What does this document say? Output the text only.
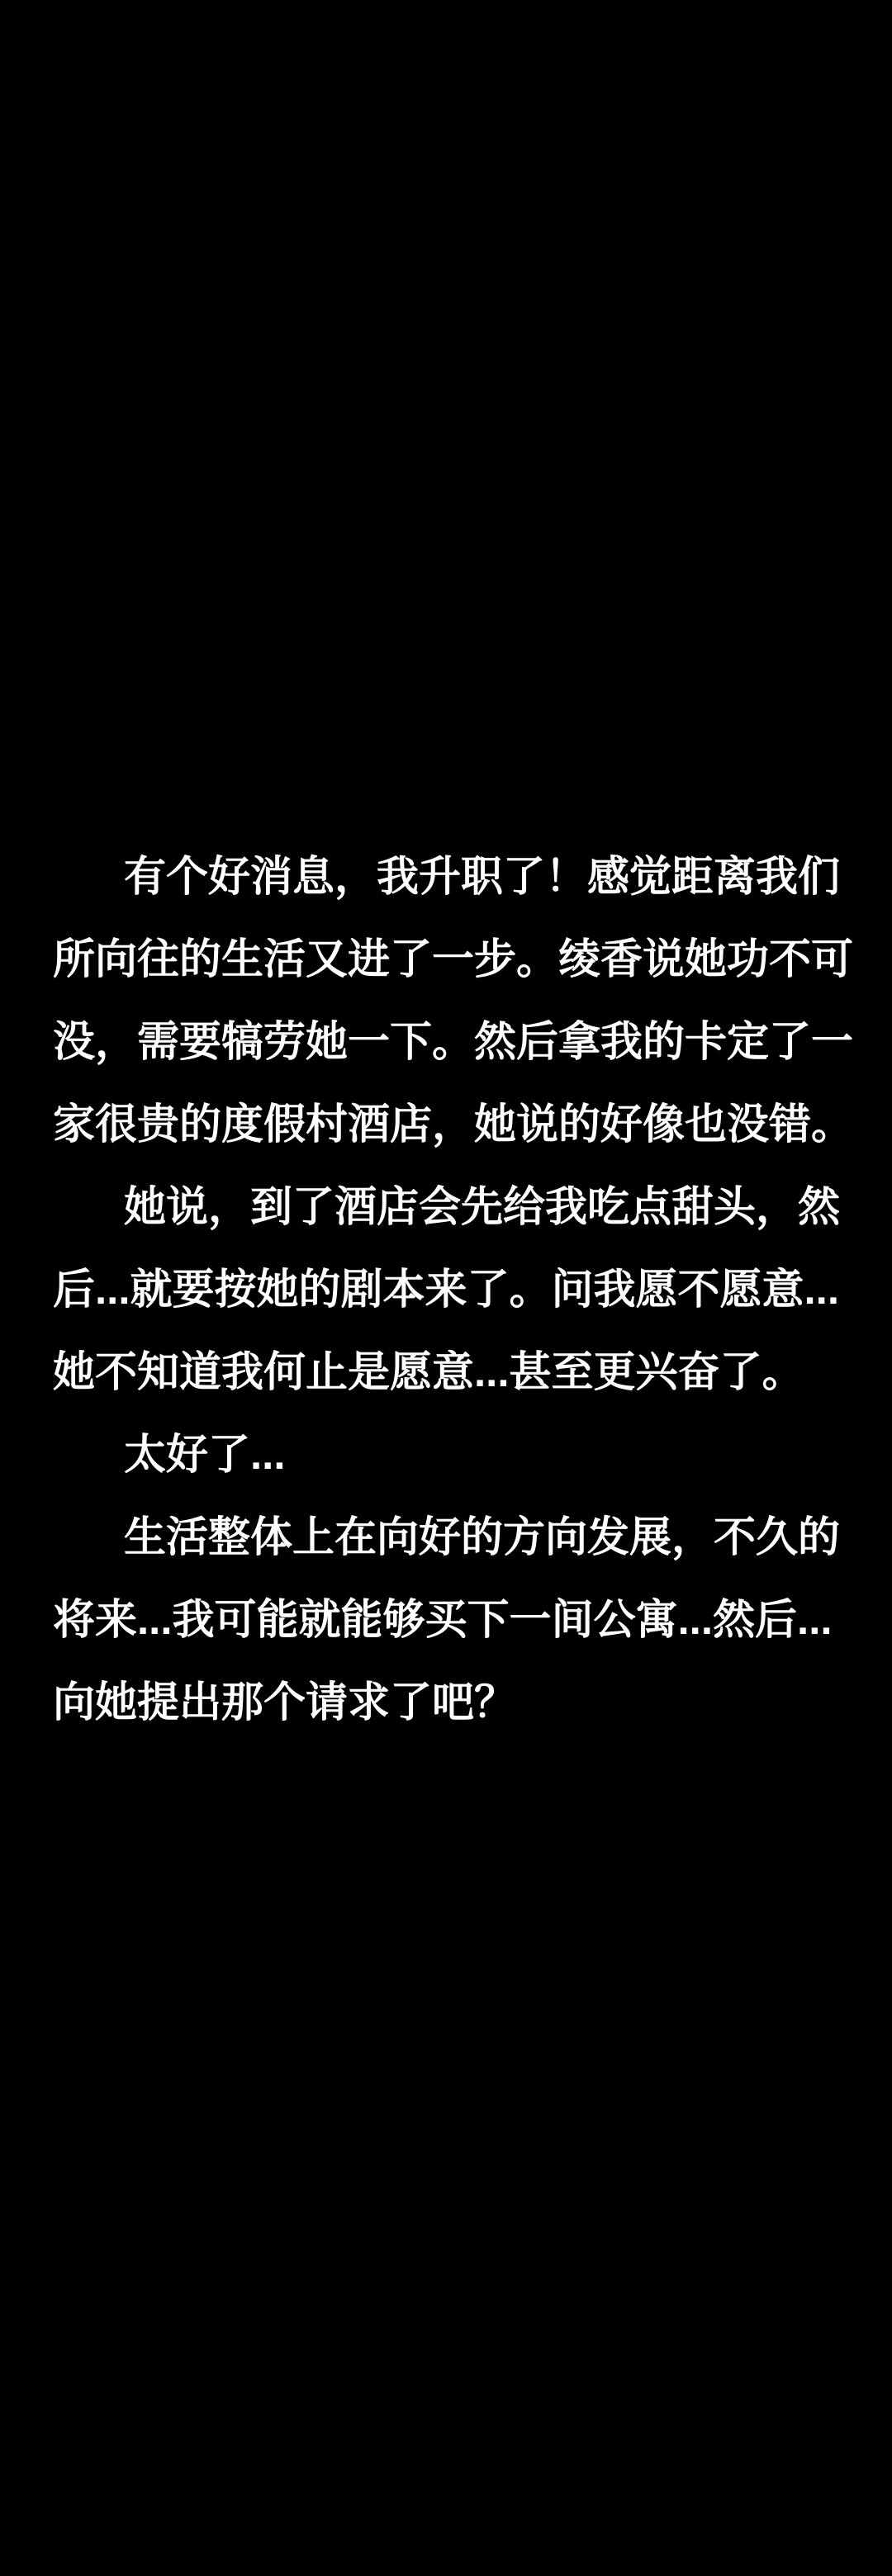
有个好消息，我升职了！感觉距离我们
所向往的生活又进了一步。绫香说她功不可
没，需要犒劳她一下。然后拿我的卡定了一
家很贵的度假村酒店，她说的好像也没错。
她说，到了酒店会先给我吃点甜头，然
后...就要按她的剧本来了。问我愿不愿意...
她不知道我何止是愿意...甚至更兴奋了。
太好了...
生活整体上在向好的方向发展，不久的
将来...我可能就能够买下一间公寓...然后...
向她提出那个请求了吧？
